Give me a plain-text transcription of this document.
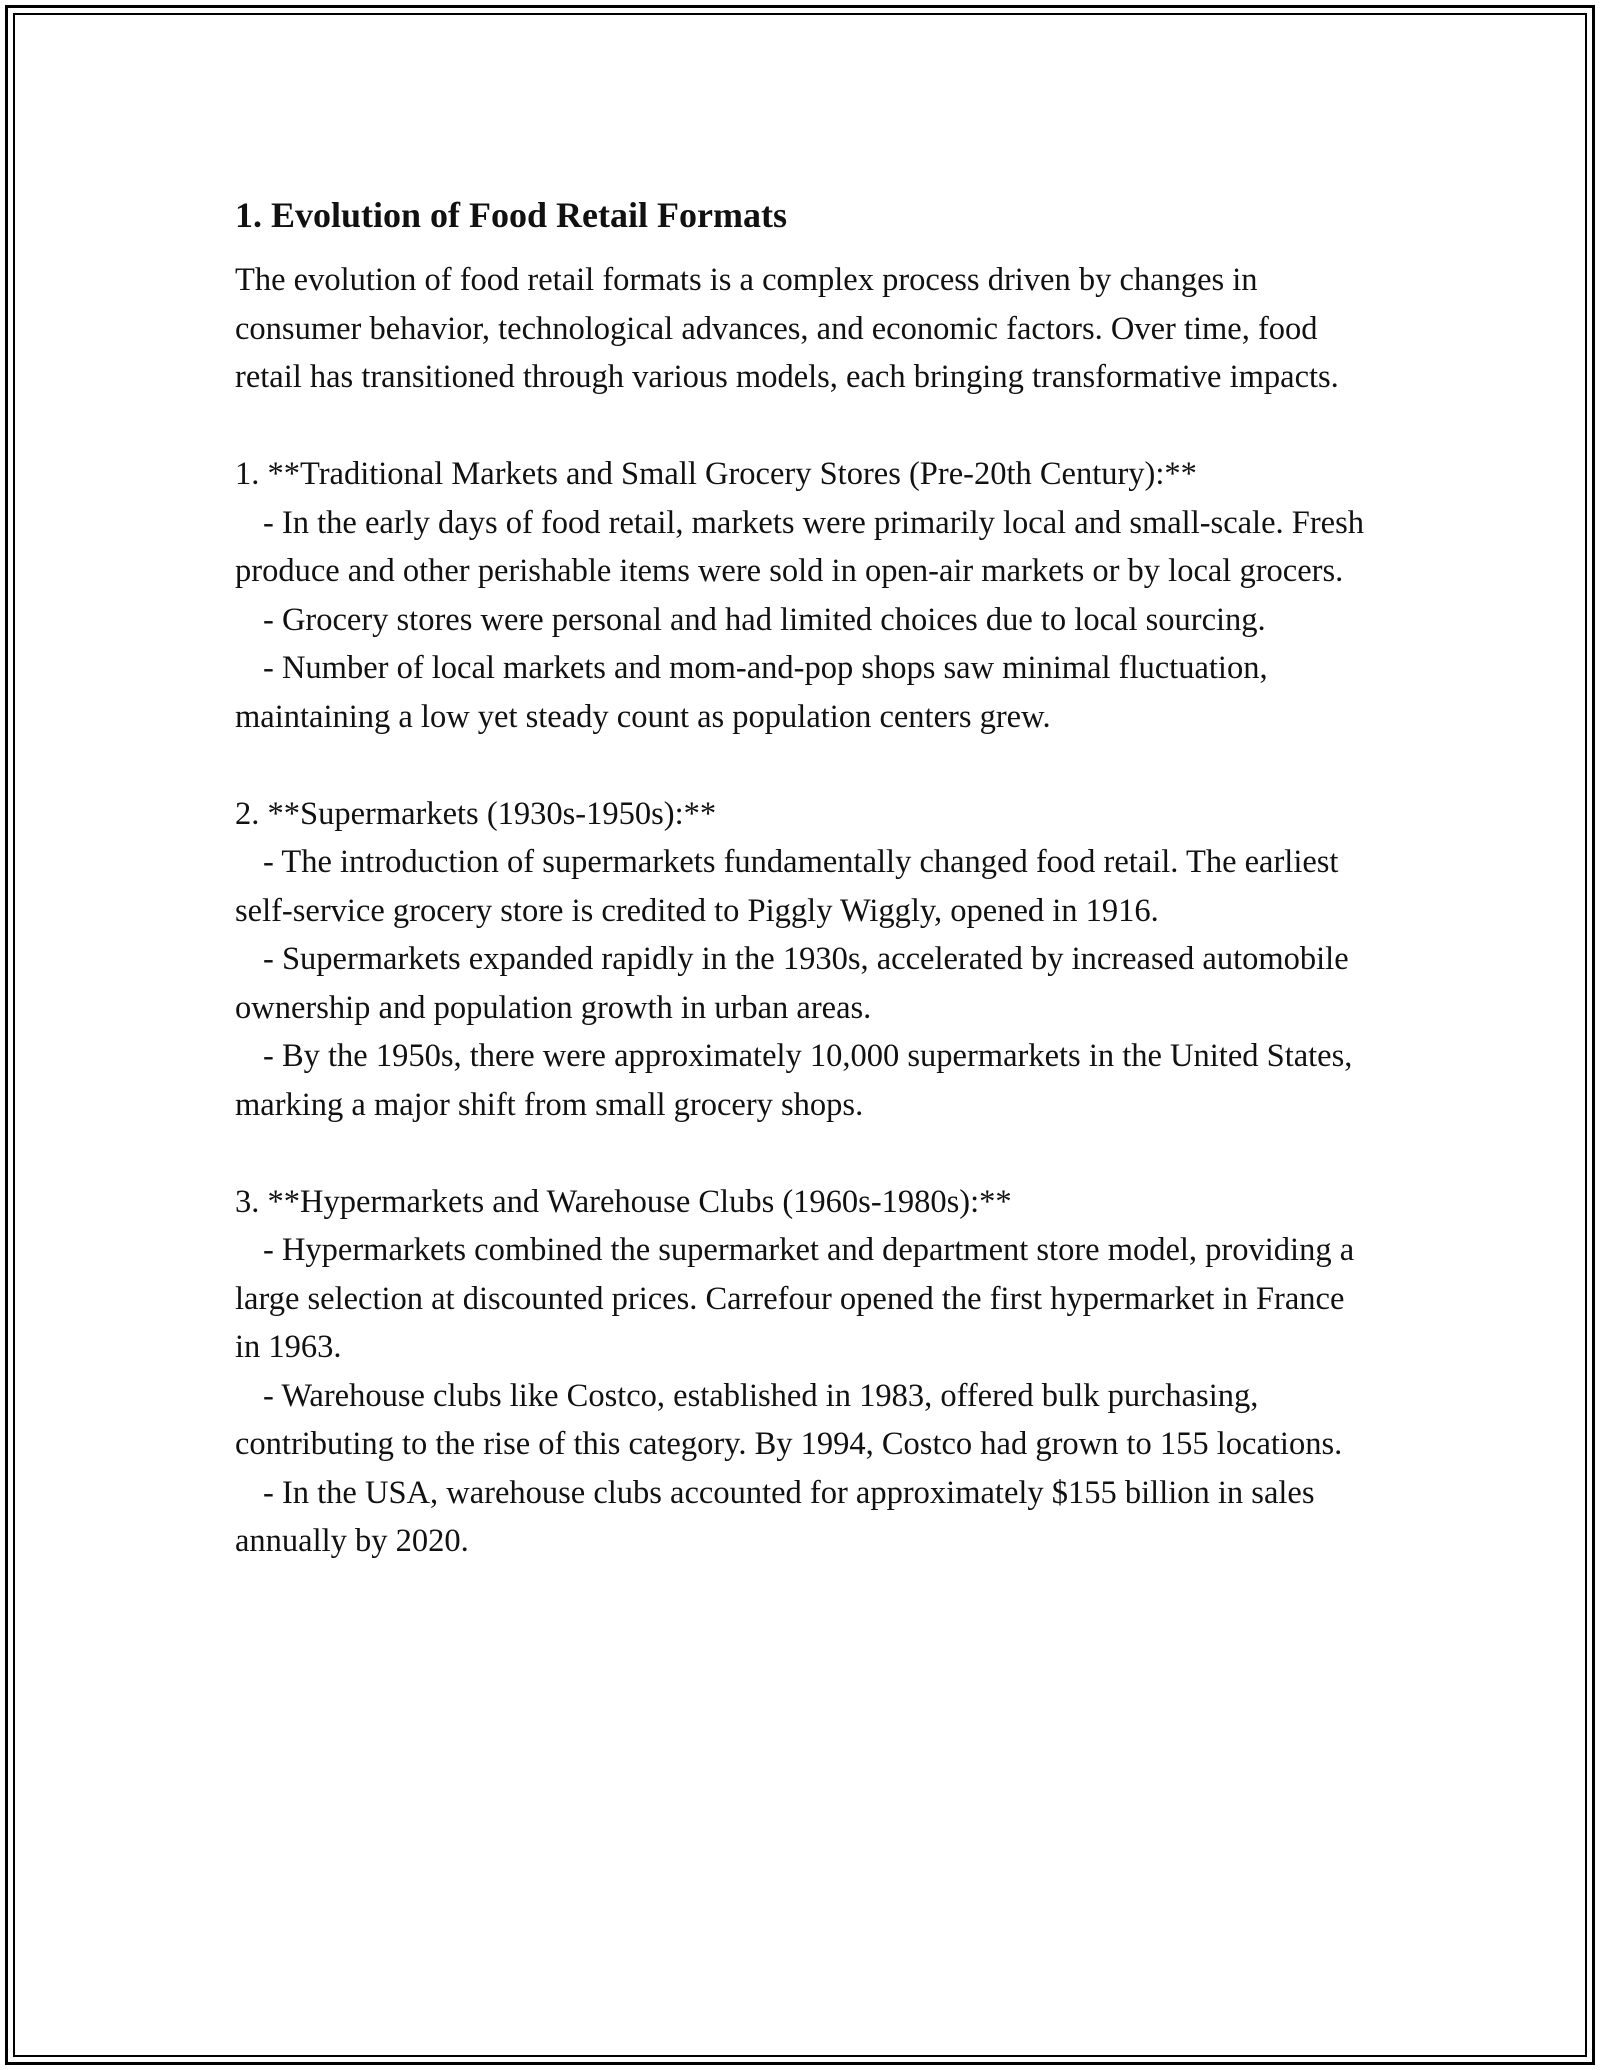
1. Evolution of Food Retail Formats

The evolution of food retail formats is a complex process driven by changes in consumer behavior, technological advances, and economic factors. Over time, food retail has transitioned through various models, each bringing transformative impacts.

1. **Traditional Markets and Small Grocery Stores (Pre-20th Century):**

- In the early days of food retail, markets were primarily local and small-scale. Fresh produce and other perishable items were sold in open-air markets or by local grocers.

- Grocery stores were personal and had limited choices due to local sourcing.

- Number of local markets and mom-and-pop shops saw minimal fluctuation, maintaining a low yet steady count as population centers grew.

2. **Supermarkets (1930s-1950s):**

- The introduction of supermarkets fundamentally changed food retail. The earliest self-service grocery store is credited to Piggly Wiggly, opened in 1916.

- Supermarkets expanded rapidly in the 1930s, accelerated by increased automobile ownership and population growth in urban areas.

- By the 1950s, there were approximately 10,000 supermarkets in the United States, marking a major shift from small grocery shops.

3. **Hypermarkets and Warehouse Clubs (1960s-1980s):**

- Hypermarkets combined the supermarket and department store model, providing a large selection at discounted prices. Carrefour opened the first hypermarket in France in 1963.

- Warehouse clubs like Costco, established in 1983, offered bulk purchasing, contributing to the rise of this category. By 1994, Costco had grown to 155 locations.

- In the USA, warehouse clubs accounted for approximately $155 billion in sales annually by 2020.
